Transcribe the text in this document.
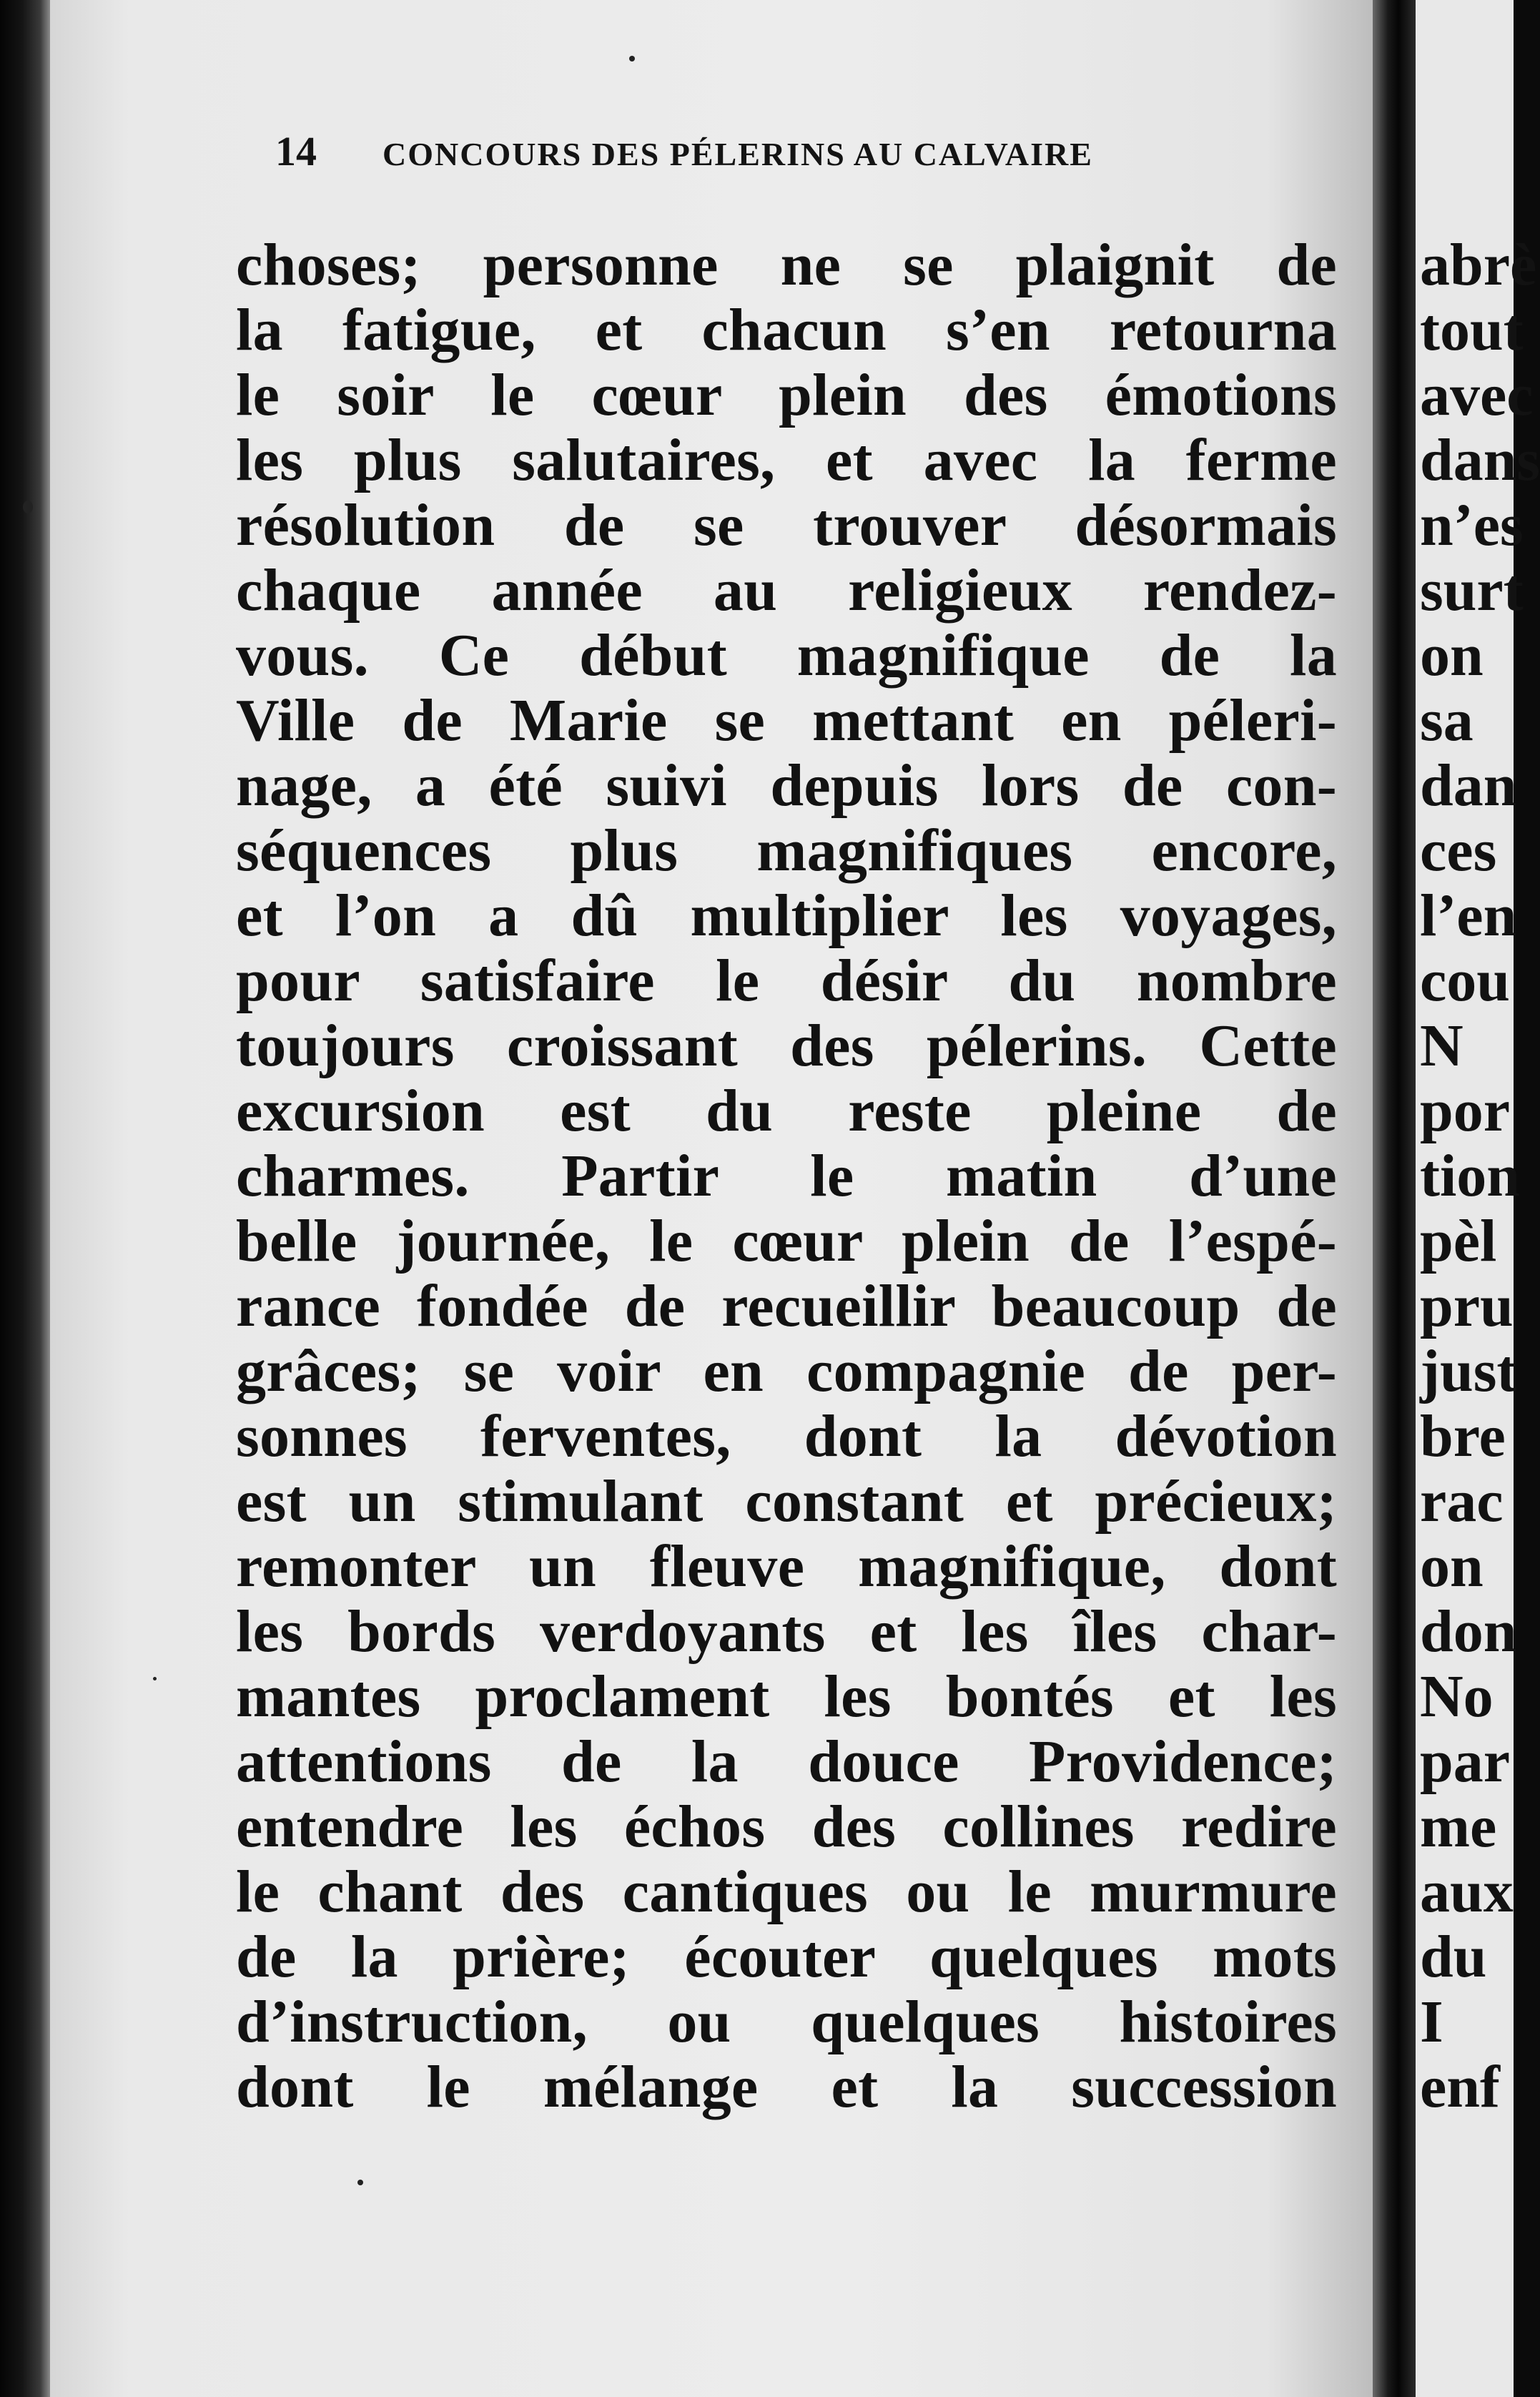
14	CONCOURS DES PÉLERINS AU CALVAIRE
choses; personne ne se plaignit de
la fatigue, et chacun s’en retourna
le soir le cœur plein des émotions
les plus salutaires, et avec la ferme
résolution de se trouver désormais
chaque année au religieux rendez-
vous. Ce début magnifique de la
Ville de Marie se mettant en péleri-
nage, a été suivi depuis lors de con-
séquences plus magnifiques encore,
et l’on a dû multiplier les voyages,
pour satisfaire le désir du nombre
toujours croissant des pélerins. Cette
excursion est du reste pleine de
charmes. Partir le matin d’une
belle journée, le cœur plein de l’espé-
rance fondée de recueillir beaucoup de
grâces; se voir en compagnie de per-
sonnes ferventes, dont la dévotion
est un stimulant constant et précieux;
remonter un fleuve magnifique, dont
les bords verdoyants et les îles char-
mantes proclament les bontés et les
attentions de la douce Providence;
entendre les échos des collines redire
le chant des cantiques ou le murmure
de la prière; écouter quelques mots
d’instruction, ou quelques histoires
dont le mélange et la succession
abrè
tout
avec
dans
n’es
surt
on
sa
dan
ces
l’en
cou
N
por
tion
pèl
pru
just
bre
rac
on
don
No
par
me
aux
du
I
enf
